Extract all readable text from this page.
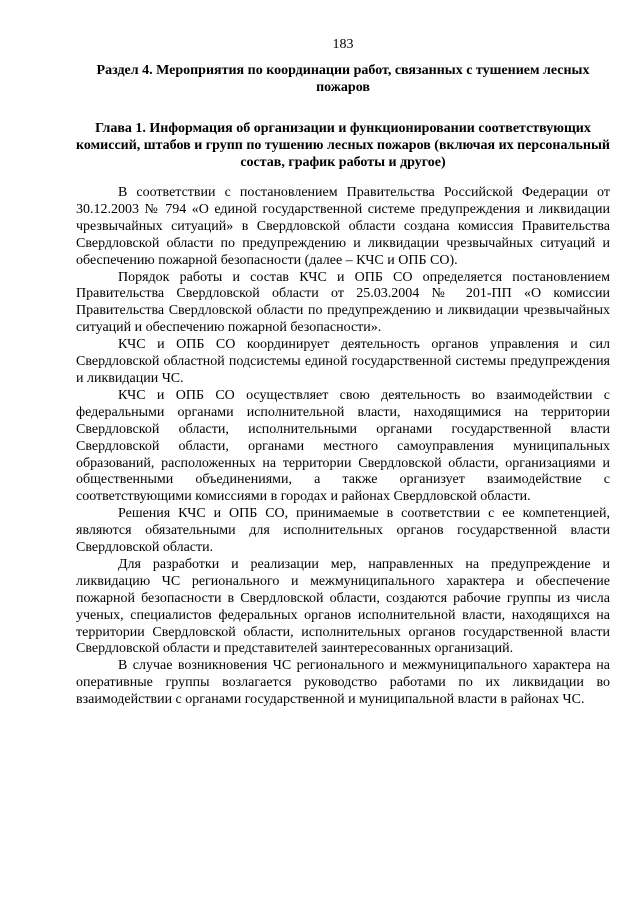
183
Раздел 4. Мероприятия по координации работ, связанных с тушением лесных пожаров
Глава 1. Информация об организации и функционировании соответствующих комиссий, штабов и групп по тушению лесных пожаров (включая их персональный состав, график работы и другое)

В соответствии с постановлением Правительства Российской Федерации от 30.12.2003 № 794 «О единой государственной системе предупреждения и ликвидации чрезвычайных ситуаций» в Свердловской области создана комиссия Правительства Свердловской области по предупреждению и ликвидации чрезвычайных ситуаций и обеспечению пожарной безопасности (далее – КЧС и ОПБ СО).

Порядок работы и состав КЧС и ОПБ СО определяется постановлением Правительства Свердловской области от 25.03.2004 № 201-ПП «О комиссии Правительства Свердловской области по предупреждению и ликвидации чрезвычайных ситуаций и обеспечению пожарной безопасности».

КЧС и ОПБ СО координирует деятельность органов управления и сил Свердловской областной подсистемы единой государственной системы предупреждения и ликвидации ЧС.

КЧС и ОПБ СО осуществляет свою деятельность во взаимодействии с федеральными органами исполнительной власти, находящимися на территории Свердловской области, исполнительными органами государственной власти Свердловской области, органами местного самоуправления муниципальных образований, расположенных на территории Свердловской области, организациями и общественными объединениями, а также организует взаимодействие с соответствующими комиссиями в городах и районах Свердловской области.

Решения КЧС и ОПБ СО, принимаемые в соответствии с ее компетенцией, являются обязательными для исполнительных органов государственной власти Свердловской области.

Для разработки и реализации мер, направленных на предупреждение и ликвидацию ЧС регионального и межмуниципального характера и обеспечение пожарной безопасности в Свердловской области, создаются рабочие группы из числа ученых, специалистов федеральных органов исполнительной власти, находящихся на территории Свердловской области, исполнительных органов государственной власти Свердловской области и представителей заинтересованных организаций.

В случае возникновения ЧС регионального и межмуниципального характера на оперативные группы возлагается руководство работами по их ликвидации во взаимодействии с органами государственной и муниципальной власти в районах ЧС.
